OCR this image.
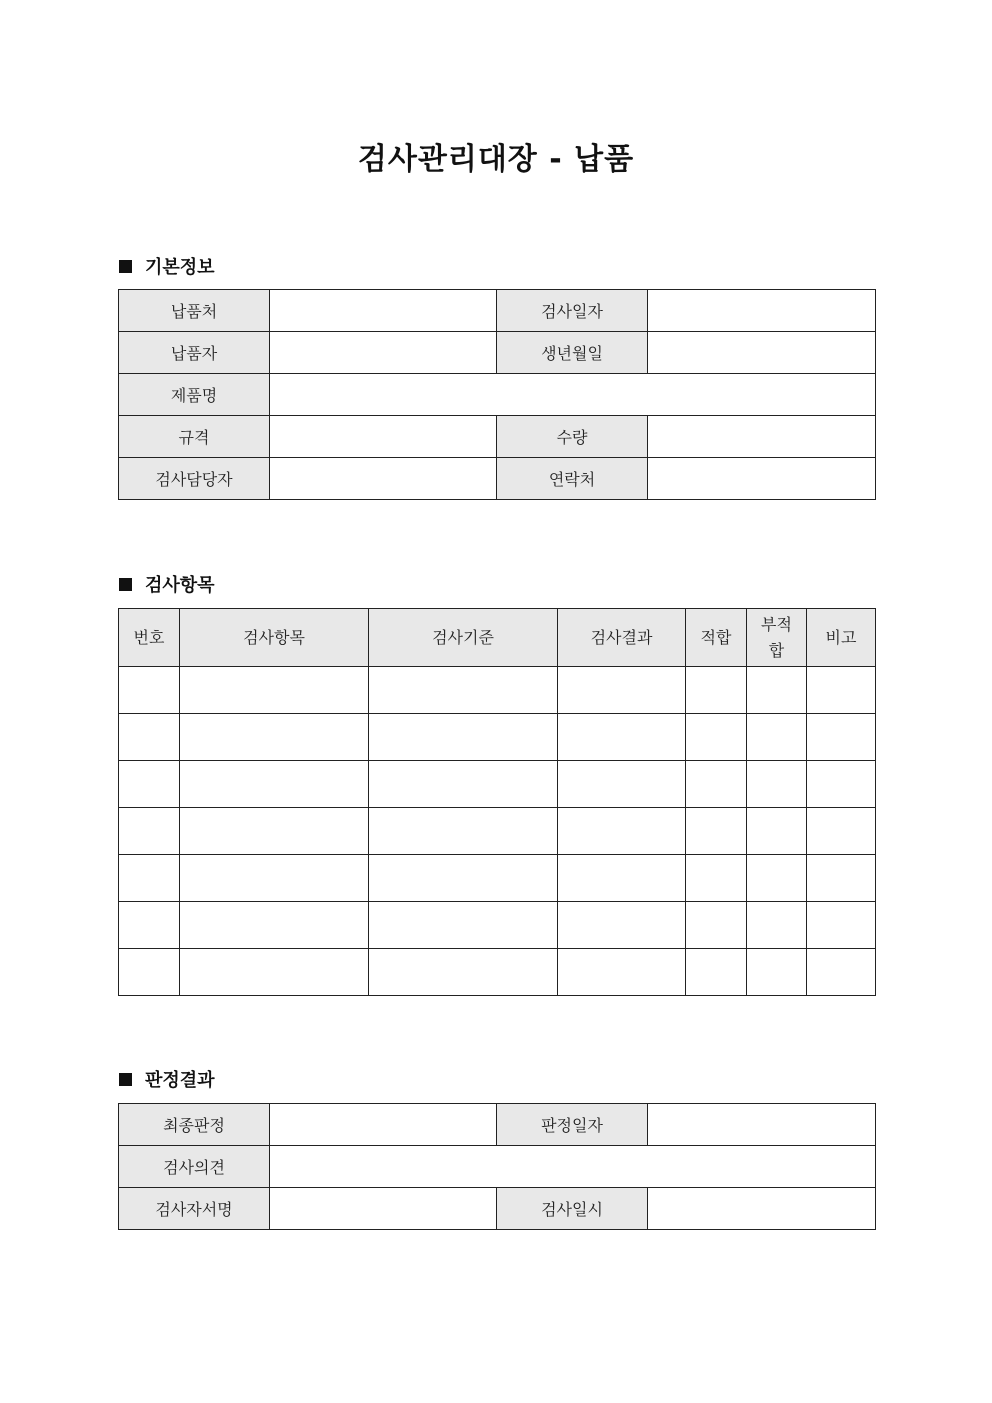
검사관리대장 - 납품
기본정보
납품처		검사일자	
납품자		생년월일	
제품명			
규격		수량	
검사담당자		연락처	
검사항목
번호	검사항목	검사기준	검사결과	적합	부적합	비고

판정결과
최종판정		판정일자	
검사의견			
검사자서명		검사일시	
